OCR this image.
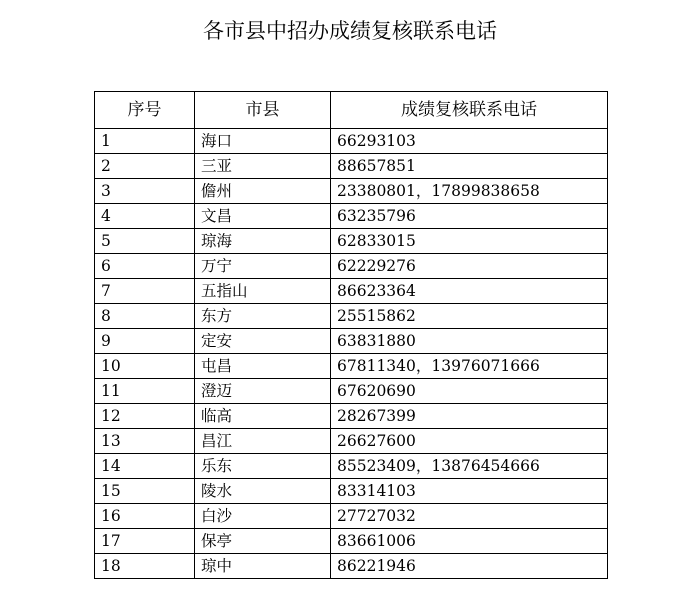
各市县中招办成绩复核联系电话
序号	市县	成绩复核联系电话
1	海口	66293103
2	三亚	88657851
3	儋州	23380801，17899838658
4	文昌	63235796
5	琼海	62833015
6	万宁	62229276
7	五指山	86623364
8	东方	25515862
9	定安	63831880
10	屯昌	67811340，13976071666
11	澄迈	67620690
12	临高	28267399
13	昌江	26627600
14	乐东	85523409，13876454666
15	陵水	83314103
16	白沙	27727032
17	保亭	83661006
18	琼中	86221946
